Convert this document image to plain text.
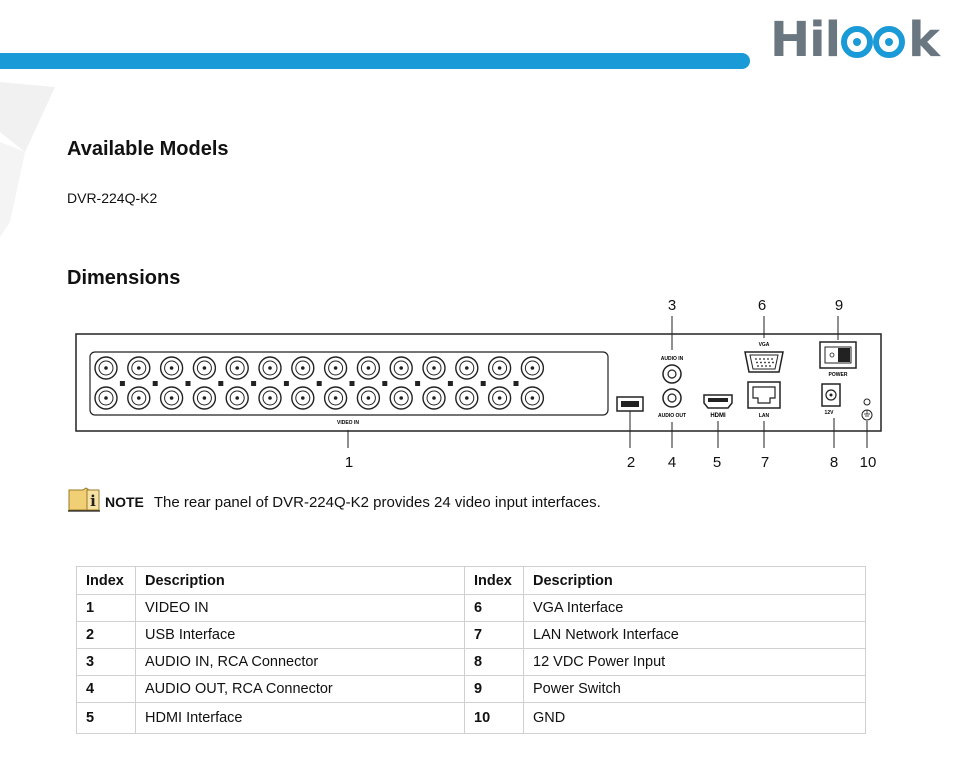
Hil k
Available Models
DVR-224Q-K2
Dimensions
VIDEO IN
AUDIO IN
AUDIO OUT	HDMI
VGA
LAN
POWER
12V
1	2
3
4 5
6
7	8
9
10
i NOTE The rear panel of DVR-224Q-K2 provides 24 video input interfaces.
Index	Description	Index	Description
1	VIDEO IN	6	VGA Interface
2	USB Interface	7	LAN Network Interface
3	AUDIO IN, RCA Connector	8	12 VDC Power Input
4	AUDIO OUT, RCA Connector	9	Power Switch
5	HDMI Interface	10	GND
